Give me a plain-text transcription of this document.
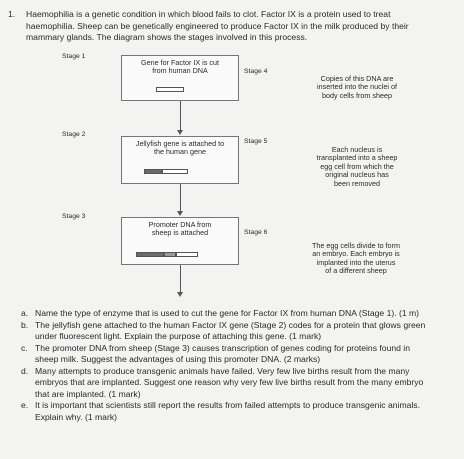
1. Haemophilia is a genetic condition in which blood fails to clot. Factor IX is a protein used to treat
haemophilia. Sheep can be genetically engineered to produce Factor IX in the milk produced by their
mammary glands. The diagram shows the stages involved in this process.
Stage 1
Gene for Factor IX is cut
from human DNA
Stage 2
Jellyfish gene is attached to
the human gene
Stage 3
Promoter DNA from
sheep is attached
Stage 4
Copies of this DNA are
inserted into the nuclei of
body cells from sheep
Stage 5
Each nucleus is
transplanted into a sheep
egg cell from which the
original nucleus has
been removed
Stage 6
The egg cells divide to form
an embryo. Each embryo is
implanted into the uterus
of a different sheep
a. Name the type of enzyme that is used to cut the gene for Factor IX from human DNA (Stage 1). (1 m)
b. The jellyfish gene attached to the human Factor IX gene (Stage 2) codes for a protein that glows green
under fluorescent light. Explain the purpose of attaching this gene. (1 mark)
c. The promoter DNA from sheep (Stage 3) causes transcription of genes coding for proteins found in
sheep milk. Suggest the advantages of using this promoter DNA. (2 marks)
d. Many attempts to produce transgenic animals have failed. Very few live births result from the many
embryos that are implanted. Suggest one reason why very few live births result from the many embryo
that are implanted. (1 mark)
e. It is important that scientists still report the results from failed attempts to produce transgenic animals.
Explain why. (1 mark)
